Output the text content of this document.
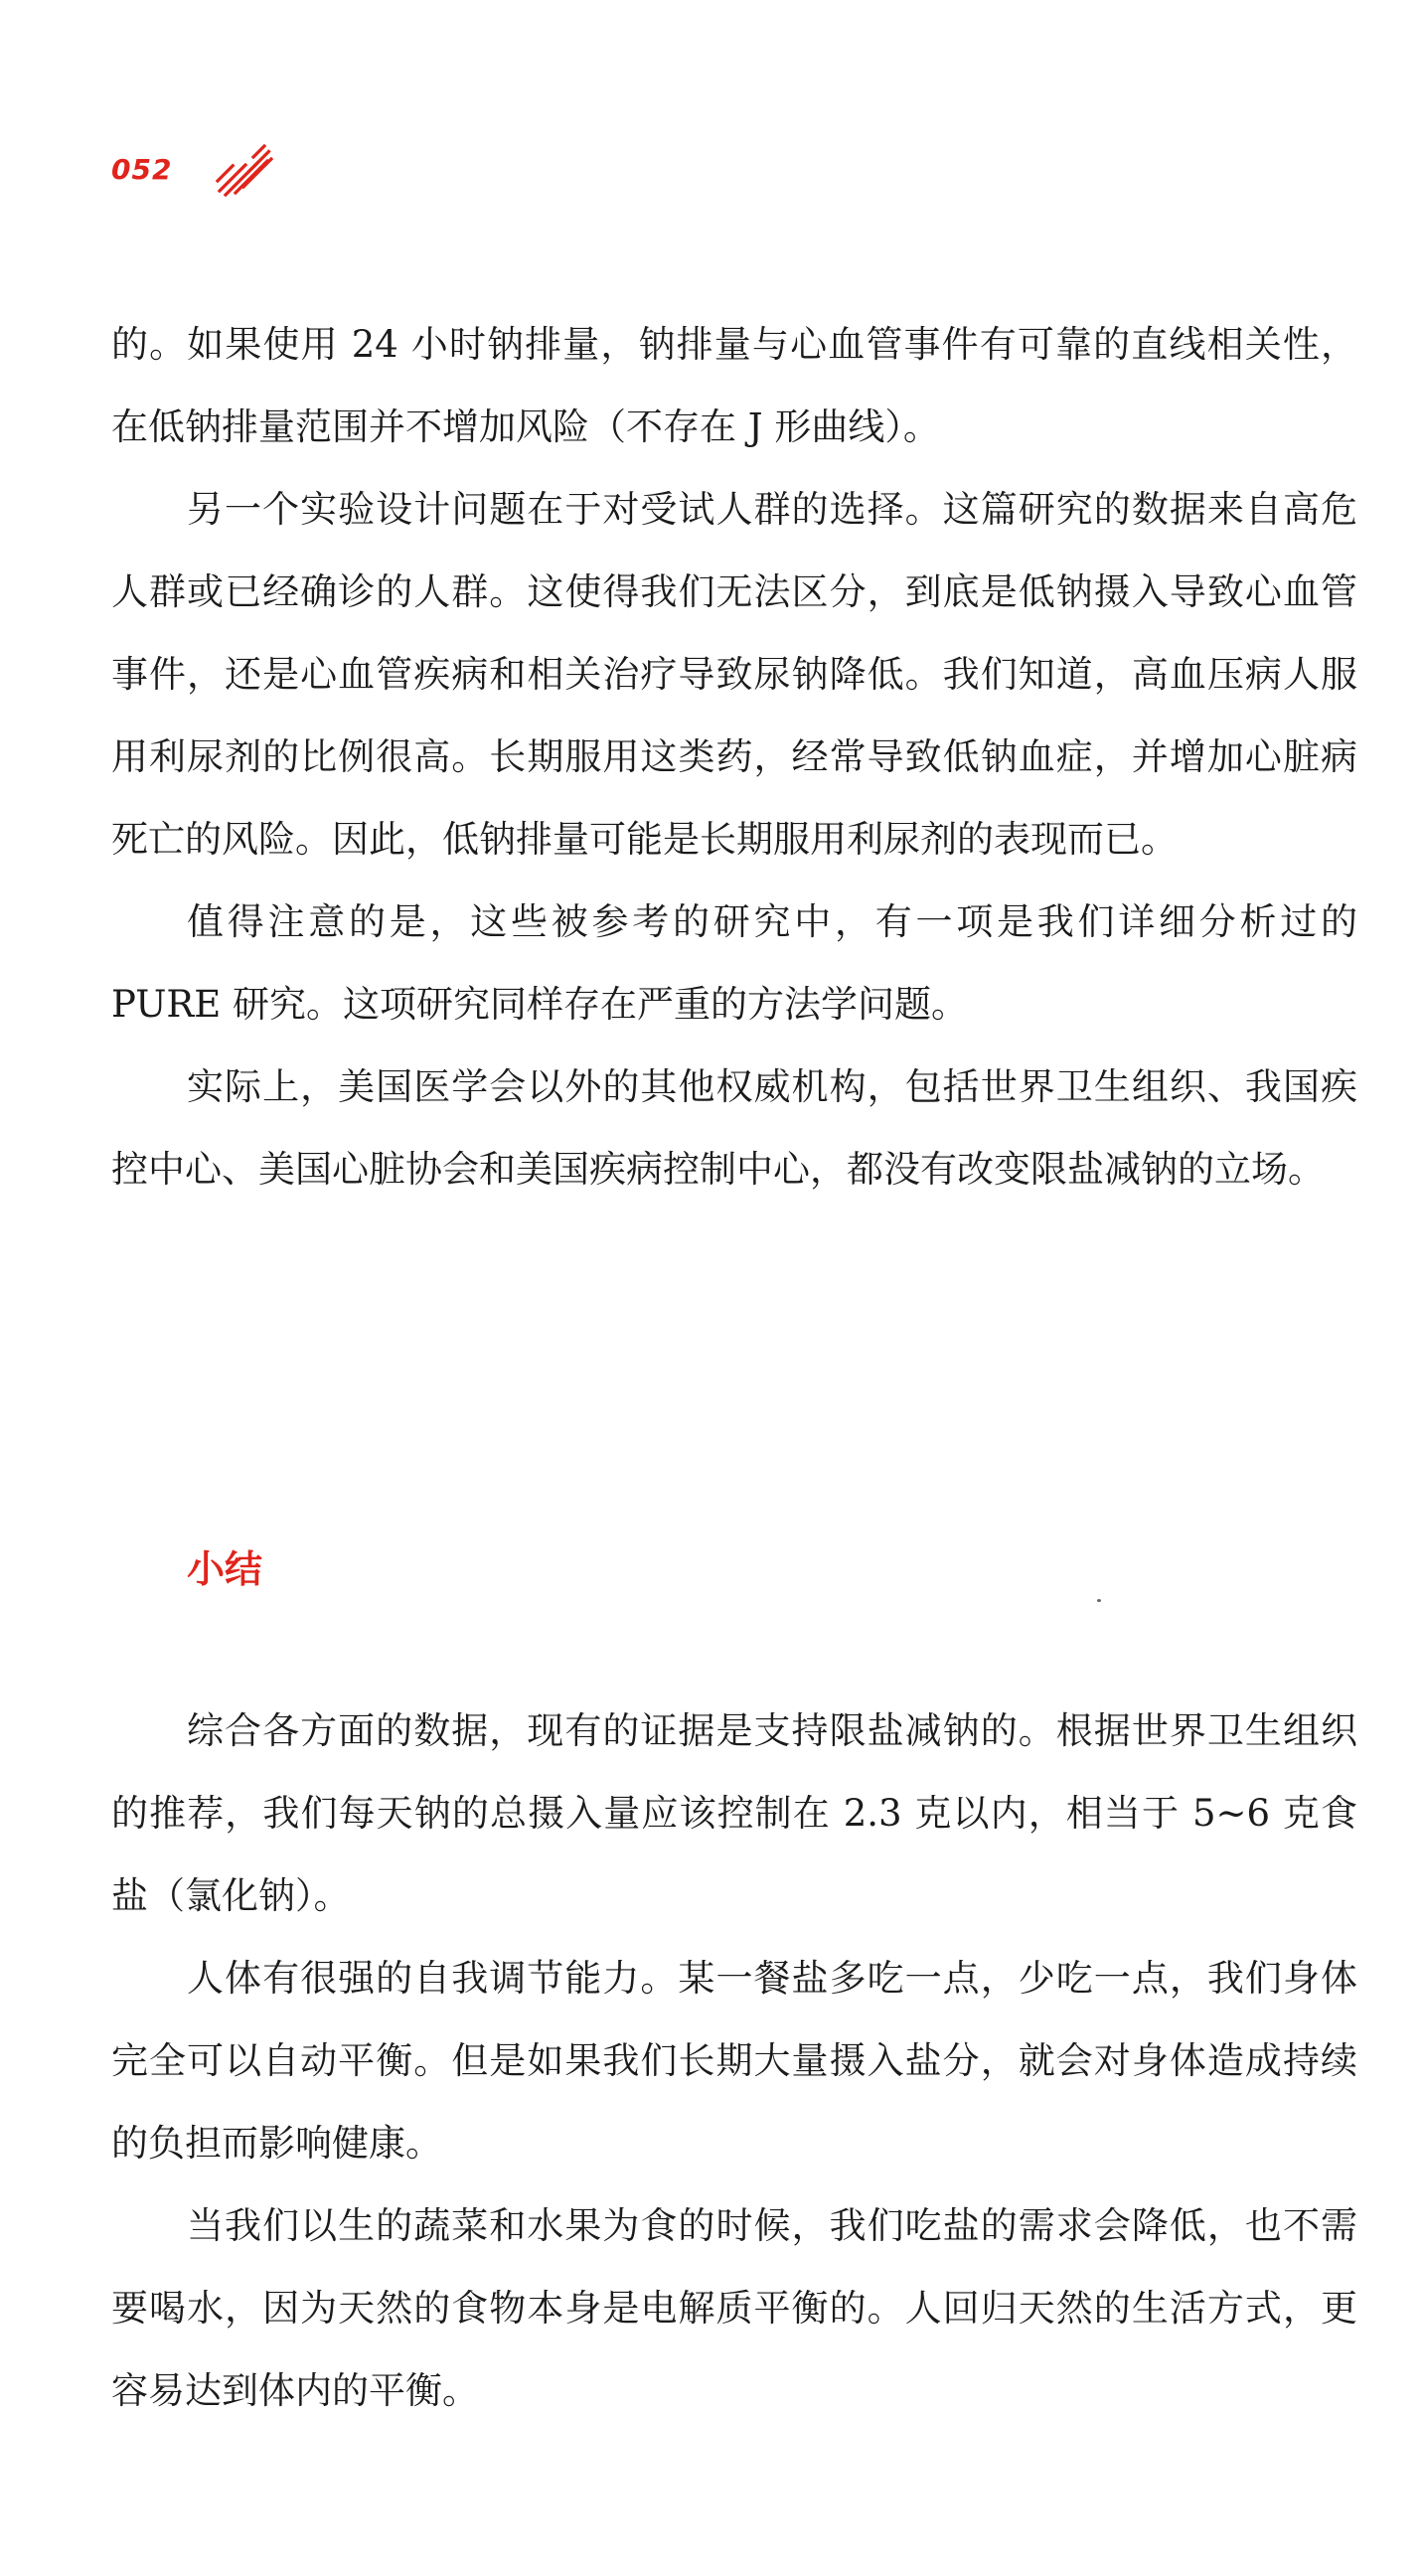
052

的。如果使用 24 小时钠排量，钠排量与心血管事件有可靠的直线相关性，在低钠排量范围并不增加风险（不存在 J 形曲线）。

另一个实验设计问题在于对受试人群的选择。这篇研究的数据来自高危人群或已经确诊的人群。这使得我们无法区分，到底是低钠摄入导致心血管事件，还是心血管疾病和相关治疗导致尿钠降低。我们知道，高血压病人服用利尿剂的比例很高。长期服用这类药，经常导致低钠血症，并增加心脏病死亡的风险。因此，低钠排量可能是长期服用利尿剂的表现而已。

值得注意的是，这些被参考的研究中，有一项是我们详细分析过的 PURE 研究。这项研究同样存在严重的方法学问题。

实际上，美国医学会以外的其他权威机构，包括世界卫生组织、我国疾控中心、美国心脏协会和美国疾病控制中心，都没有改变限盐减钠的立场。

小结

综合各方面的数据，现有的证据是支持限盐减钠的。根据世界卫生组织的推荐，我们每天钠的总摄入量应该控制在 2.3 克以内，相当于 5~6 克食盐（氯化钠）。

人体有很强的自我调节能力。某一餐盐多吃一点，少吃一点，我们身体完全可以自动平衡。但是如果我们长期大量摄入盐分，就会对身体造成持续的负担而影响健康。

当我们以生的蔬菜和水果为食的时候，我们吃盐的需求会降低，也不需要喝水，因为天然的食物本身是电解质平衡的。人回归天然的生活方式，更容易达到体内的平衡。
